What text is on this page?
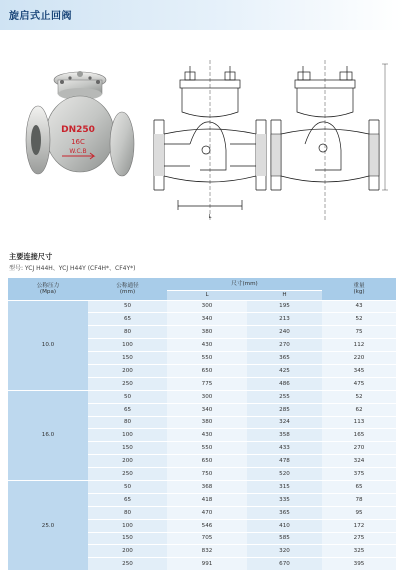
旋启式止回阀
DN250
16C
W.C.B
L
主要连接尺寸
型号: YCJ H44H、YCJ H44Y (CF4H*、CF4Y*)
公称压力
(Mpa)	公称通径
(mm)	尺寸(mm)		重量
(kg)
		L	H	
10.0	50	300	195	43
	65	340	213	52
	80	380	240	75
	100	430	270	112
	150	550	365	220
	200	650	425	345
	250	775	486	475
16.0	50	300	255	52
	65	340	285	62
	80	380	324	113
	100	430	358	165
	150	550	433	270
	200	650	478	324
	250	750	520	375
25.0	50	368	315	65
	65	418	335	78
	80	470	365	95
	100	546	410	172
	150	705	585	275
	200	832	320	325
	250	991	670	395
